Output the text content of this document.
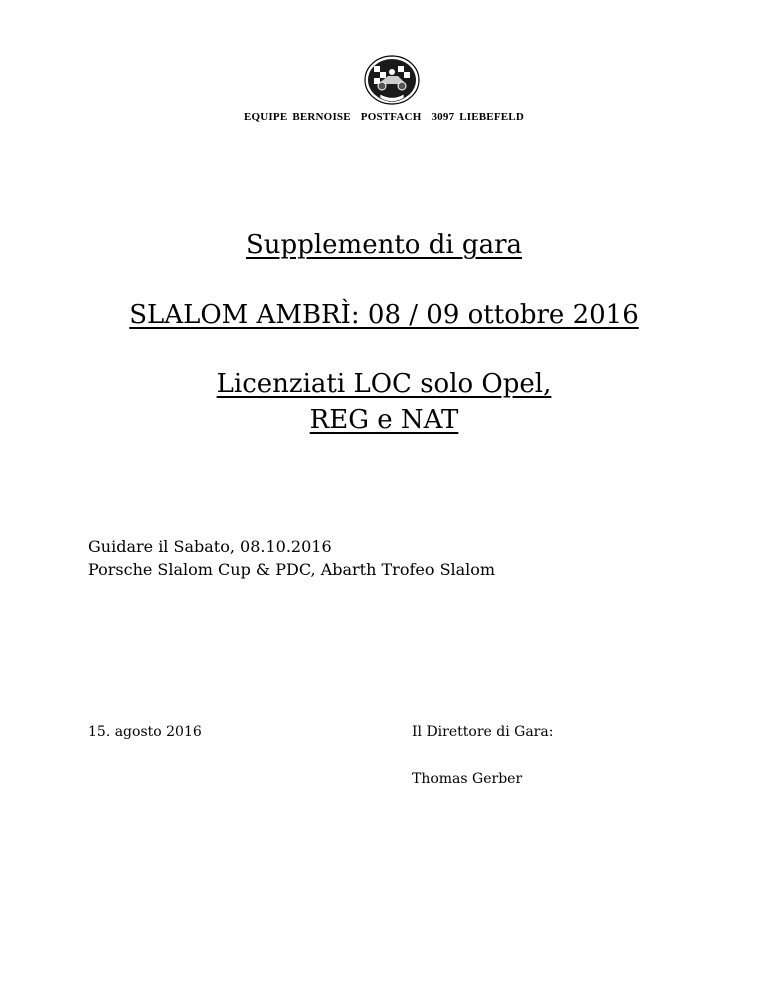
EQUIPE BERNOISE POSTFACH 3097 LIEBEFELD
Supplemento di gara
SLALOM AMBRÌ: 08 / 09 ottobre 2016
Licenziati LOC solo Opel,
REG e NAT
Guidare il Sabato, 08.10.2016
Porsche Slalom Cup & PDC, Abarth Trofeo Slalom
15. agosto 2016	Il Direttore di Gara:
Thomas Gerber
